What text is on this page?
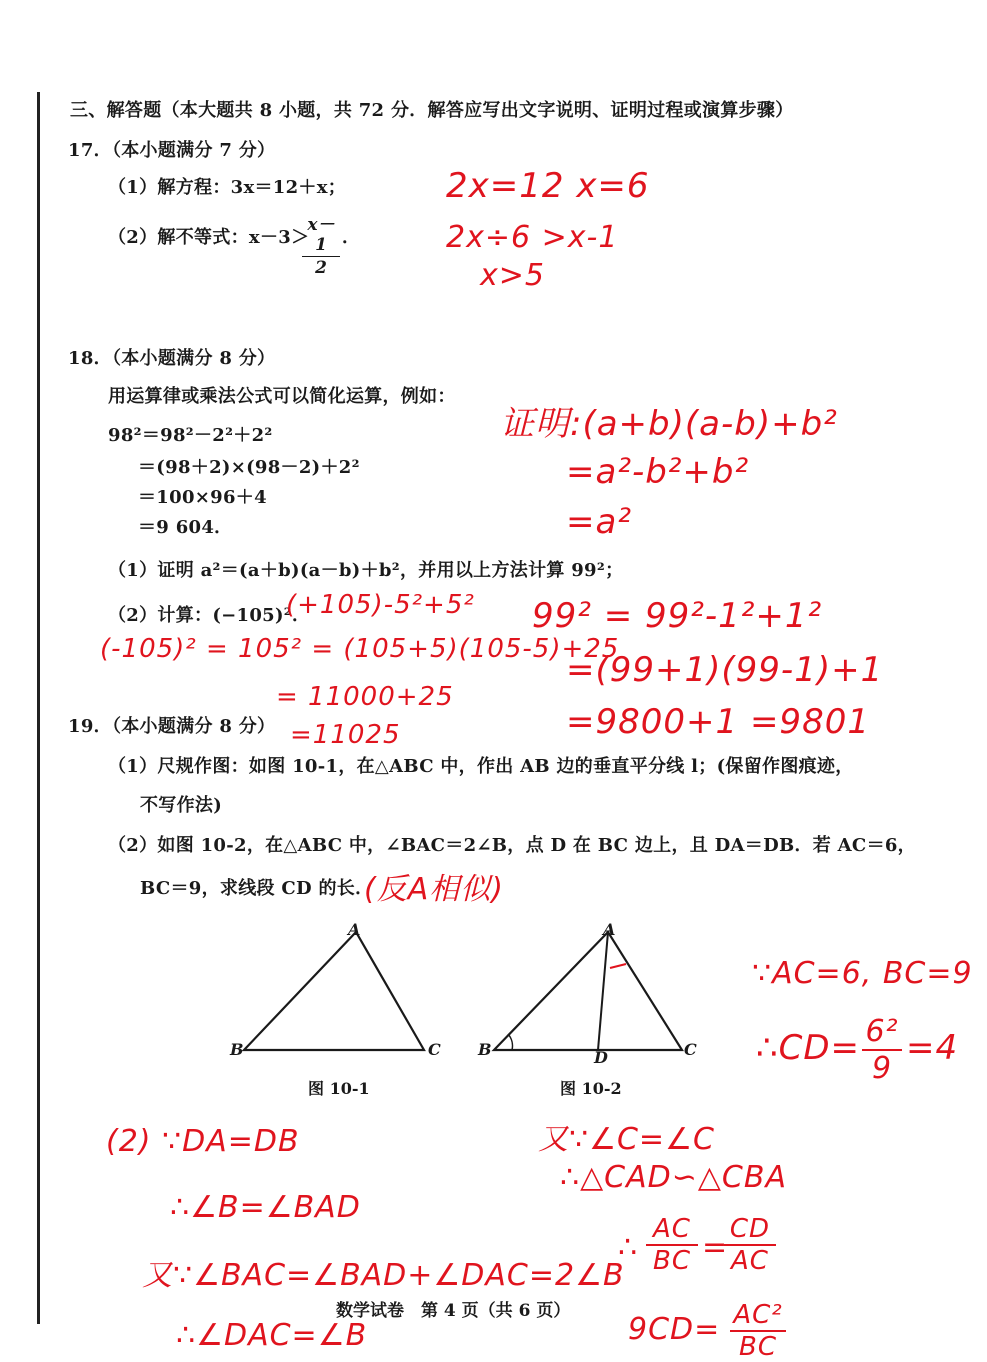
三、解答题（本大题共 8 小题，共 72 分．解答应写出文字说明、证明过程或演算步骤）
17．（本小题满分 7 分）
（1）解方程：3x＝12＋x；
（2）解不等式：x－3＞
x－1
2
．
18．（本小题满分 8 分）
用运算律或乘法公式可以简化运算，例如：
98²＝98²－2²＋2²
＝(98＋2)×(98－2)＋2²
＝100×96＋4
＝9 604．
（1）证明 a²＝(a＋b)(a－b)＋b²，并用以上方法计算 99²；
（2）计算：(−105)²．
19．（本小题满分 8 分）
（1）尺规作图：如图 10-1，在△ABC 中，作出 AB 边的垂直平分线 l；(保留作图痕迹，
不写作法)
（2）如图 10-2，在△ABC 中，∠BAC＝2∠B，点 D 在 BC 边上，且 DA＝DB．若 AC＝6，
BC＝9，求线段 CD 的长．
A
B	C
图 10-1
A
B	C
D
图 10-2
数学试卷　第 4 页（共 6 页）
2x=12 x=6
2x÷6 >x-1
x>5
证明:(a+b)(a-b)+b²
=a²-b²+b²
=a²
(+105)-5²+5²
(-105)² = 105² = (105+5)(105-5)+25
= 11000+25
=11025
99² = 99²-1²+1²
=(99+1)(99-1)+1
=9800+1 =9801
(反A相似)
∵AC=6, BC=9
∴CD= 6²
9
=4
(2) ∵DA=DB
∴∠B=∠BAD
又∵∠BAC=∠BAD+∠DAC=2∠B
∴∠DAC=∠B
又∵∠C=∠C
∴△CAD∽△CBA
∴
AC
BC =
CD
AC
9CD= AC²
BC
